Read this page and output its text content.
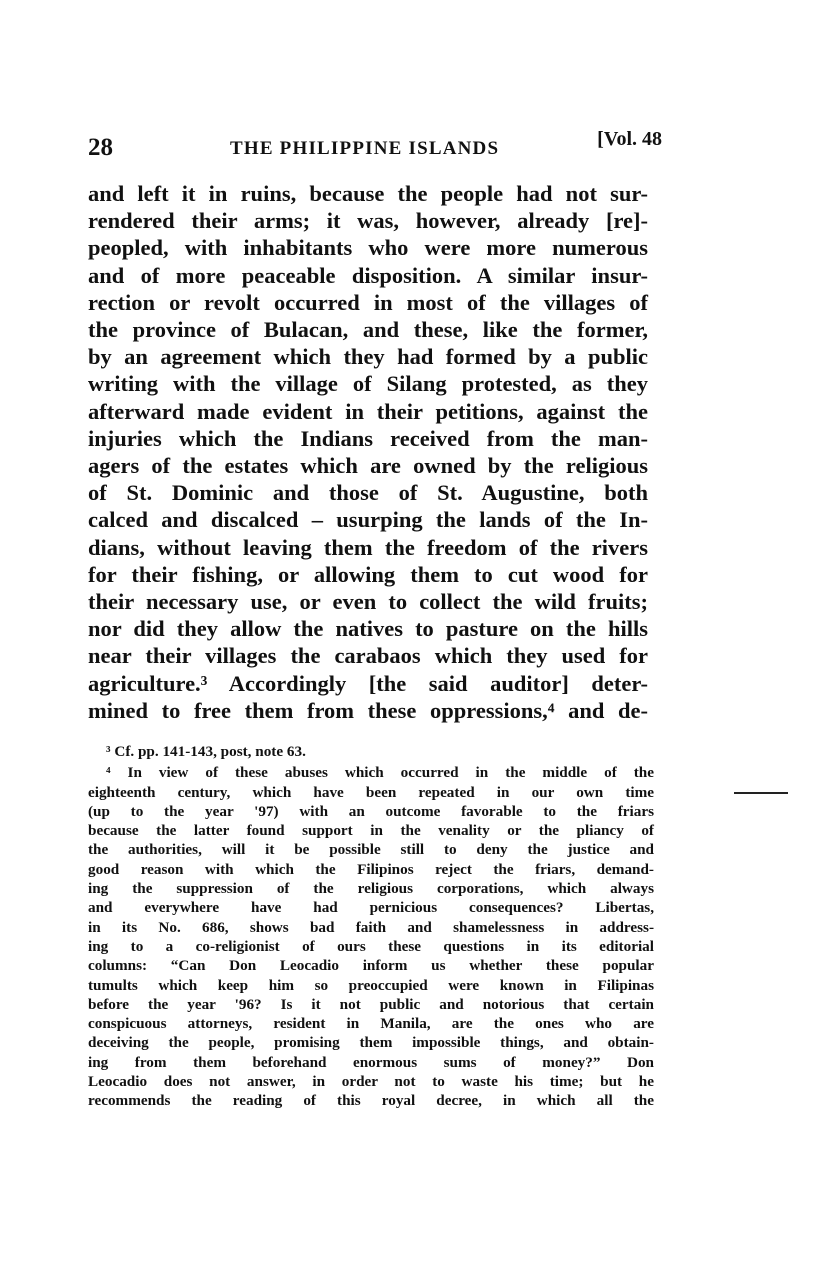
28	THE PHILIPPINE ISLANDS	[Vol. 48
and left it in ruins, because the people had not sur-
rendered their arms; it was, however, already [re]-
peopled, with inhabitants who were more numerous
and of more peaceable disposition. A similar insur-
rection or revolt occurred in most of the villages of
the province of Bulacan, and these, like the former,
by an agreement which they had formed by a public
writing with the village of Silang protested, as they
afterward made evident in their petitions, against the
injuries which the Indians received from the man-
agers of the estates which are owned by the religious
of St. Dominic and those of St. Augustine, both
calced and discalced – usurping the lands of the In-
dians, without leaving them the freedom of the rivers
for their fishing, or allowing them to cut wood for
their necessary use, or even to collect the wild fruits;
nor did they allow the natives to pasture on the hills
near their villages the carabaos which they used for
agriculture.³ Accordingly [the said auditor] deter-
mined to free them from these oppressions,⁴ and de-
³ Cf. pp. 141-143, post, note 63.
⁴ In view of these abuses which occurred in the middle of the
eighteenth century, which have been repeated in our own time
(up to the year '97) with an outcome favorable to the friars
because the latter found support in the venality or the pliancy of
the authorities, will it be possible still to deny the justice and
good reason with which the Filipinos reject the friars, demand-
ing the suppression of the religious corporations, which always
and everywhere have had pernicious consequences? Libertas,
in its No. 686, shows bad faith and shamelessness in address-
ing to a co-religionist of ours these questions in its editorial
columns: “Can Don Leocadio inform us whether these popular
tumults which keep him so preoccupied were known in Filipinas
before the year '96? Is it not public and notorious that certain
conspicuous attorneys, resident in Manila, are the ones who are
deceiving the people, promising them impossible things, and obtain-
ing from them beforehand enormous sums of money?” Don
Leocadio does not answer, in order not to waste his time; but he
recommends the reading of this royal decree, in which all the
